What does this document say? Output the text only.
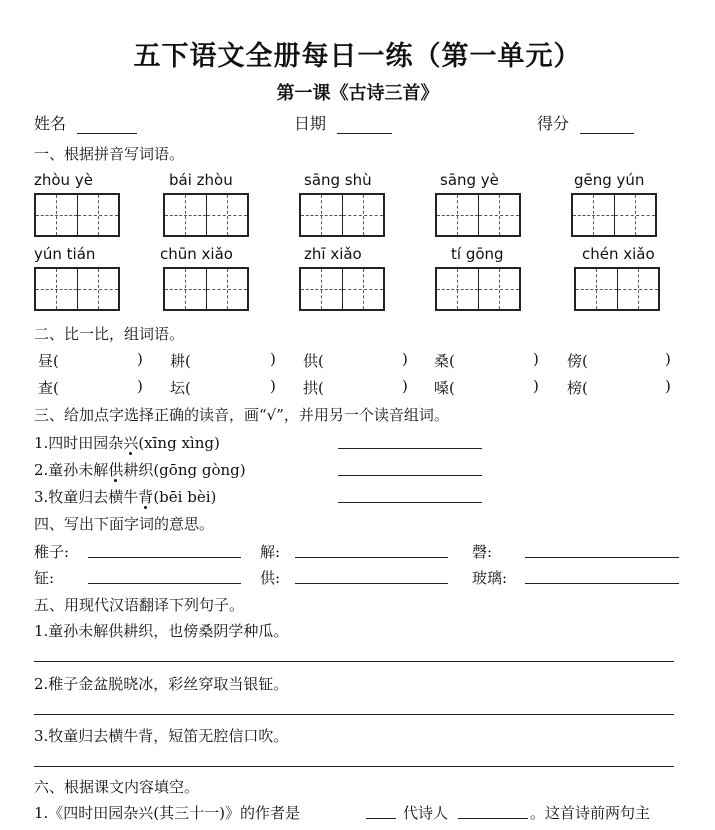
五下语文全册每日一练（第一单元）
第一课《古诗三首》
姓名	日期	得分
一、根据拼音写词语。
zhòu yè	bái zhòu	sāng shù	sāng yè	gēng yún
yún tián	chūn xiǎo	zhī xiǎo	tí gōng	chén xiǎo
二、比一比，组词语。
昼(	) 耕(	) 供(	) 桑(	) 傍(	)
查(	) 坛(	) 拱(	) 嗓(	) 榜(	)
三、给加点字选择正确的读音，画“√”，并用另一个读音组词。
1.四时田园杂兴(xīng xìng)
2.童孙未解供耕织(gōng gòng)
3.牧童归去横牛背(bēi bèi)
四、写出下面字词的意思。
稚子:	解:	磬:
钲:	供:	玻璃:
五、用现代汉语翻译下列句子。
1.童孙未解供耕织，也傍桑阴学种瓜。
2.稚子金盆脱晓冰，彩丝穿取当银钲。
3.牧童归去横牛背，短笛无腔信口吹。
六、根据课文内容填空。
1.《四时田园杂兴(其三十一)》的作者是	代诗人	。这首诗前两句主
